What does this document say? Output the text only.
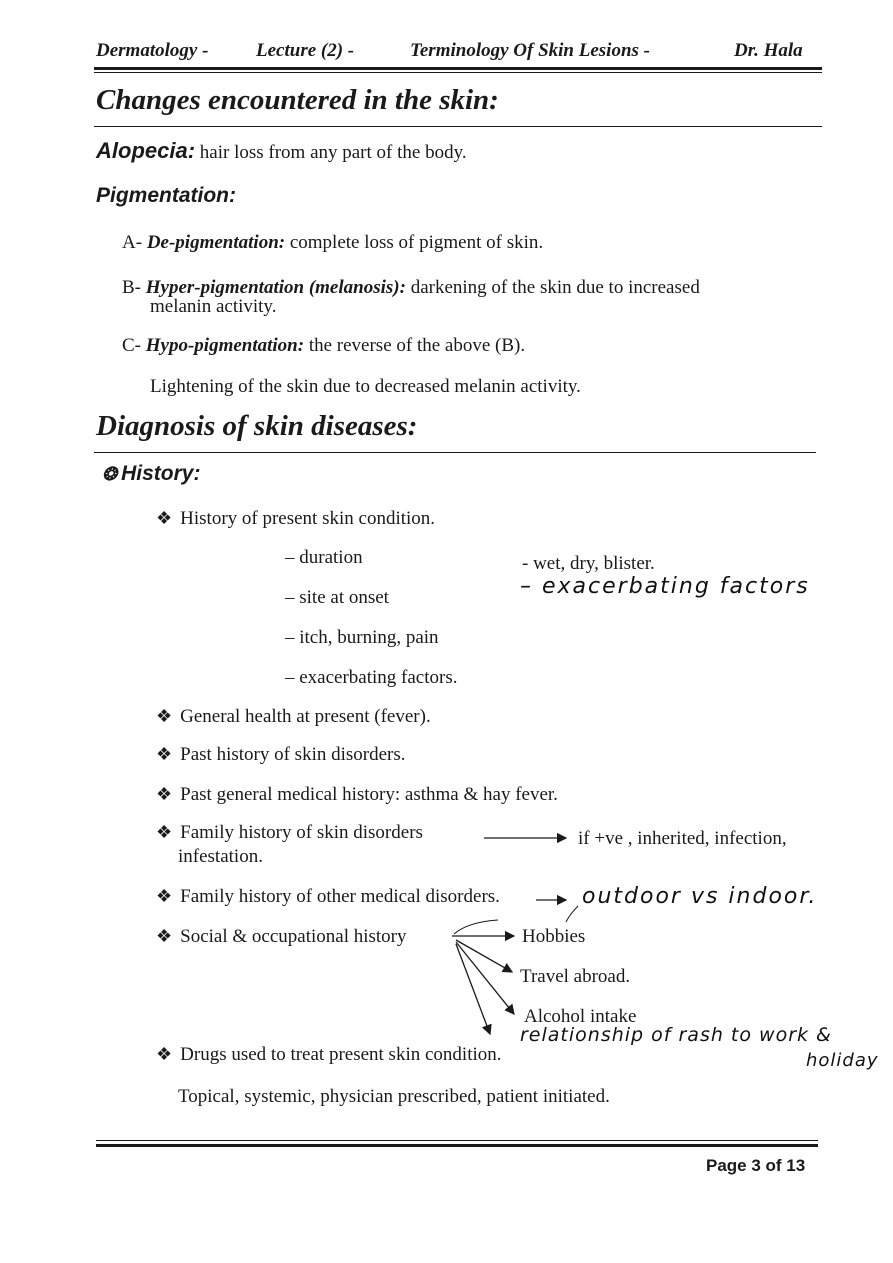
Dermatology -	Lecture (2) -	Terminology Of Skin Lesions -	Dr. Hala
Changes encountered in the skin:
Alopecia: hair loss from any part of the body.
Pigmentation:
A- De-pigmentation: complete loss of pigment of skin.
B- Hyper-pigmentation (melanosis): darkening of the skin due to increased
melanin activity.
C- Hypo-pigmentation: the reverse of the above (B).
Lightening of the skin due to decreased melanin activity.
Diagnosis of skin diseases:
❂ History:
❖ History of present skin condition.
– duration
– site at onset
– itch, burning, pain
– exacerbating factors.
- wet, dry, blister.
– exacerbating factors
❖ General health at present (fever).
❖ Past history of skin disorders.
❖ Past general medical history: asthma & hay fever.
❖ Family history of skin disorders	if +ve , inherited, infection,
infestation.
❖ Family history of other medical disorders.	outdoor vs indoor.
❖ Social & occupational history	Hobbies
Travel abroad.
Alcohol intake
relationship of rash to work &
holiday
❖ Drugs used to treat present skin condition.
Topical, systemic, physician prescribed, patient initiated.
Page 3 of 13
